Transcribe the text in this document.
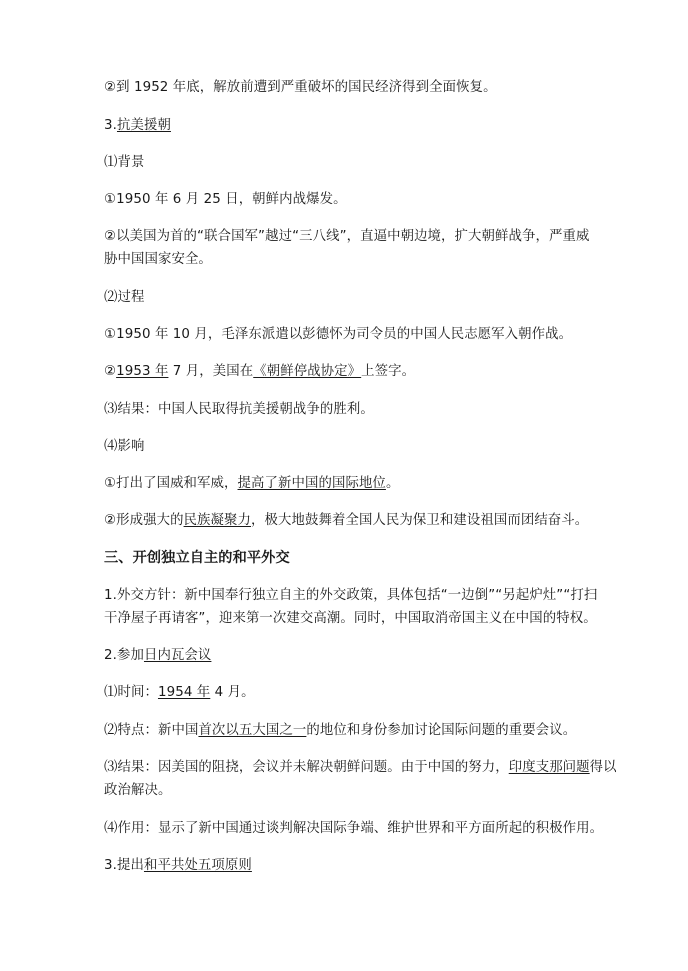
②到 1952 年底，解放前遭到严重破坏的国民经济得到全面恢复。

3.抗美援朝

⑴背景

①1950 年 6 月 25 日，朝鲜内战爆发。

②以美国为首的“联合国军”越过“三八线”，直逼中朝边境，扩大朝鲜战争，严重威

胁中国国家安全。

⑵过程

①1950 年 10 月，毛泽东派遣以彭德怀为司令员的中国人民志愿军入朝作战。

②1953 年 7 月，美国在《朝鲜停战协定》上签字。

⑶结果：中国人民取得抗美援朝战争的胜利。

⑷影响

①打出了国威和军威，提高了新中国的国际地位。

②形成强大的民族凝聚力，极大地鼓舞着全国人民为保卫和建设祖国而团结奋斗。

三、开创独立自主的和平外交

1.外交方针：新中国奉行独立自主的外交政策，具体包括“一边倒”“另起炉灶”“打扫

干净屋子再请客”，迎来第一次建交高潮。同时，中国取消帝国主义在中国的特权。

2.参加日内瓦会议

⑴时间：1954 年 4 月。

⑵特点：新中国首次以五大国之一的地位和身份参加讨论国际问题的重要会议。

⑶结果：因美国的阻挠，会议并未解决朝鲜问题。由于中国的努力，印度支那问题得以

政治解决。

⑷作用：显示了新中国通过谈判解决国际争端、维护世界和平方面所起的积极作用。

3.提出和平共处五项原则
